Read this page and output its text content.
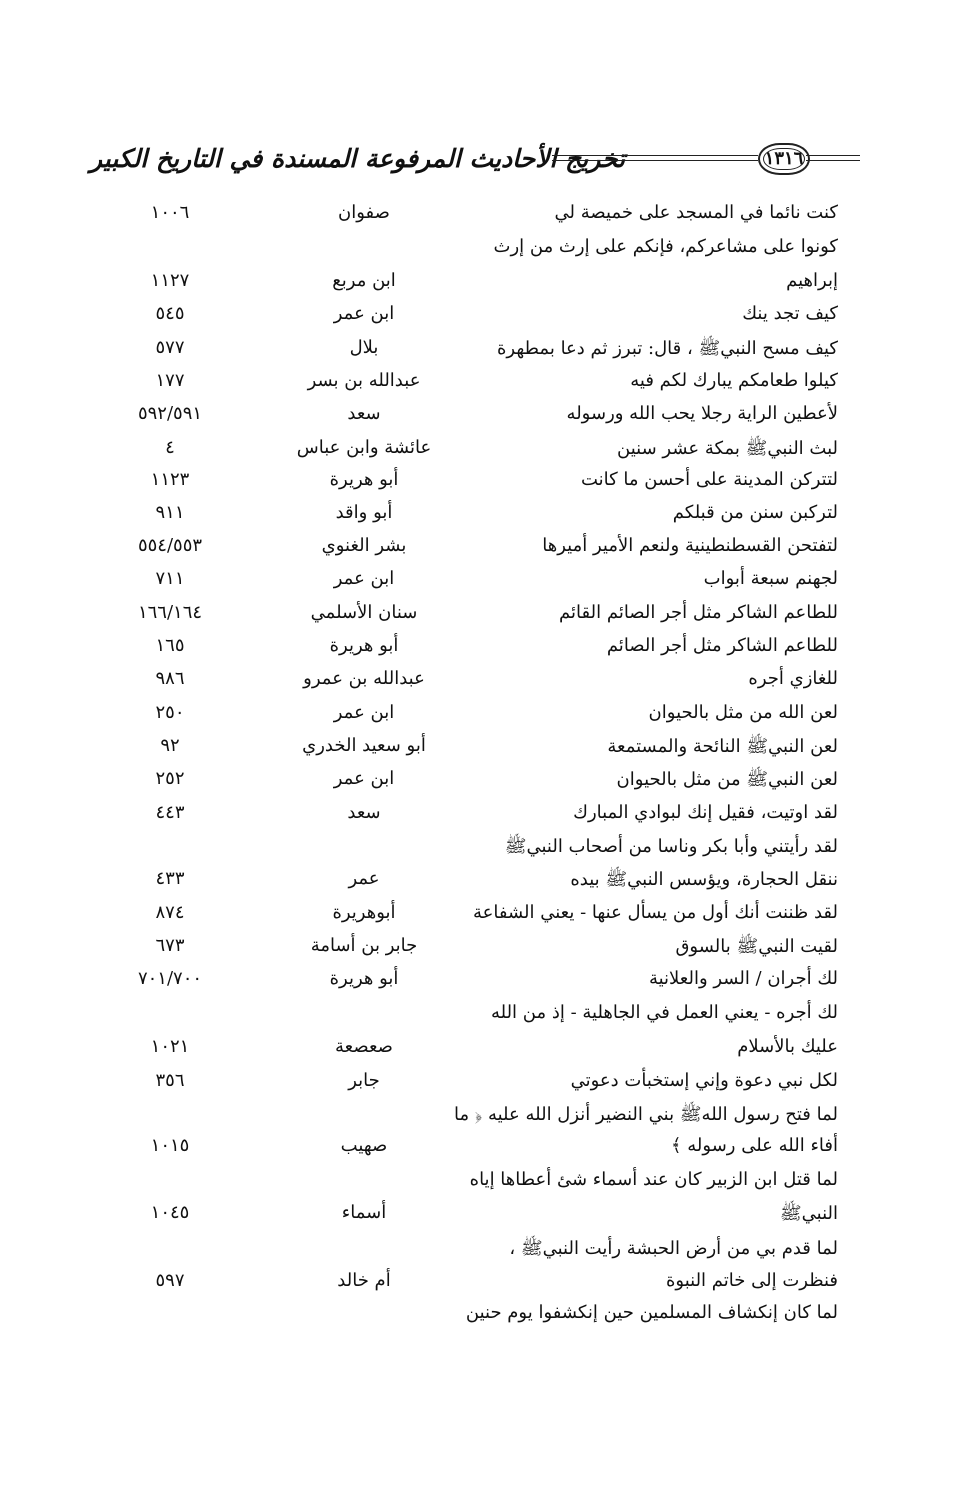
تخريج الأحاديث المرفوعة المسندة في التاريخ الكبير	١٣١٦
كنت نائما في المسجد على خميصة لي
صفوان
١٠٠٦
كونوا على مشاعركم، فإنكم على إرث من إرث
إبراهيم
ابن مربع
١١٢٧
كيف تجد ينك
ابن عمر
٥٤٥
كيف مسح النبيﷺ ، قال: تبرز ثم دعا بمطهرة
بلال
٥٧٧
كيلوا طعامكم يبارك لكم فيه
عبدالله بن بسر
١٧٧
لأعطين الراية رجلا يحب الله ورسوله
سعد
٥٩٢/٥٩١
لبث النبيﷺ بمكة عشر سنين
عائشة وابن عباس
٤
لتتركن المدينة على أحسن ما كانت
أبو هريرة
١١٢٣
لتركبن سنن من قبلكم
أبو واقد
٩١١
لتفتحن القسطنطينية ولنعم الأمير أميرها
بشر الغنوي
٥٥٤/٥٥٣
لجهنم سبعة أبواب
ابن عمر
٧١١
للطاعم الشاكر مثل أجر الصائم القائم
سنان الأسلمي
١٦٦/١٦٤
للطاعم الشاكر مثل أجر الصائم
أبو هريرة
١٦٥
للغازي أجره
عبدالله بن عمرو
٩٨٦
لعن الله من مثل بالحيوان
ابن عمر
٢٥٠
لعن النبيﷺ النائحة والمستمعة
أبو سعيد الخدري
٩٢
لعن النبيﷺ من مثل بالحيوان
ابن عمر
٢٥٢
لقد اوتيت، فقيل إنك لبوادي المبارك
سعد
٤٤٣
لقد رأيتني وأبا بكر وناسا من أصحاب النبيﷺ
ننقل الحجارة، ويؤسس النبيﷺ بيده
عمر
٤٣٣
لقد ظننت أنك أول من يسأل عنها - يعني الشفاعة
أبوهريرة
٨٧٤
لقيت النبيﷺ بالسوق
جابر بن أسامة
٦٧٣
لك أجران / السر والعلانية
أبو هريرة
٧٠١/٧٠٠
لك أجره - يعني العمل في الجاهلية - إذ من الله
عليك بالأسلام
صعصعة
١٠٢١
لكل نبي دعوة وإني إستخبأت دعوتي
جابر
٣٥٦
لما فتح رسول اللهﷺ بني النضير أنزل الله عليه ﴿ ما
أفاء الله على رسوله ﴾
صهيب
١٠١٥
لما قتل ابن الزبير كان عند أسماء شئ أعطاها إياه
النبيﷺ
أسماء
١٠٤٥
لما قدم بي من أرض الحبشة رأيت النبيﷺ ،
فنظرت إلى خاتم النبوة
أم خالد
٥٩٧
لما كان إنكشاف المسلمين حين إنكشفوا يوم حنين
